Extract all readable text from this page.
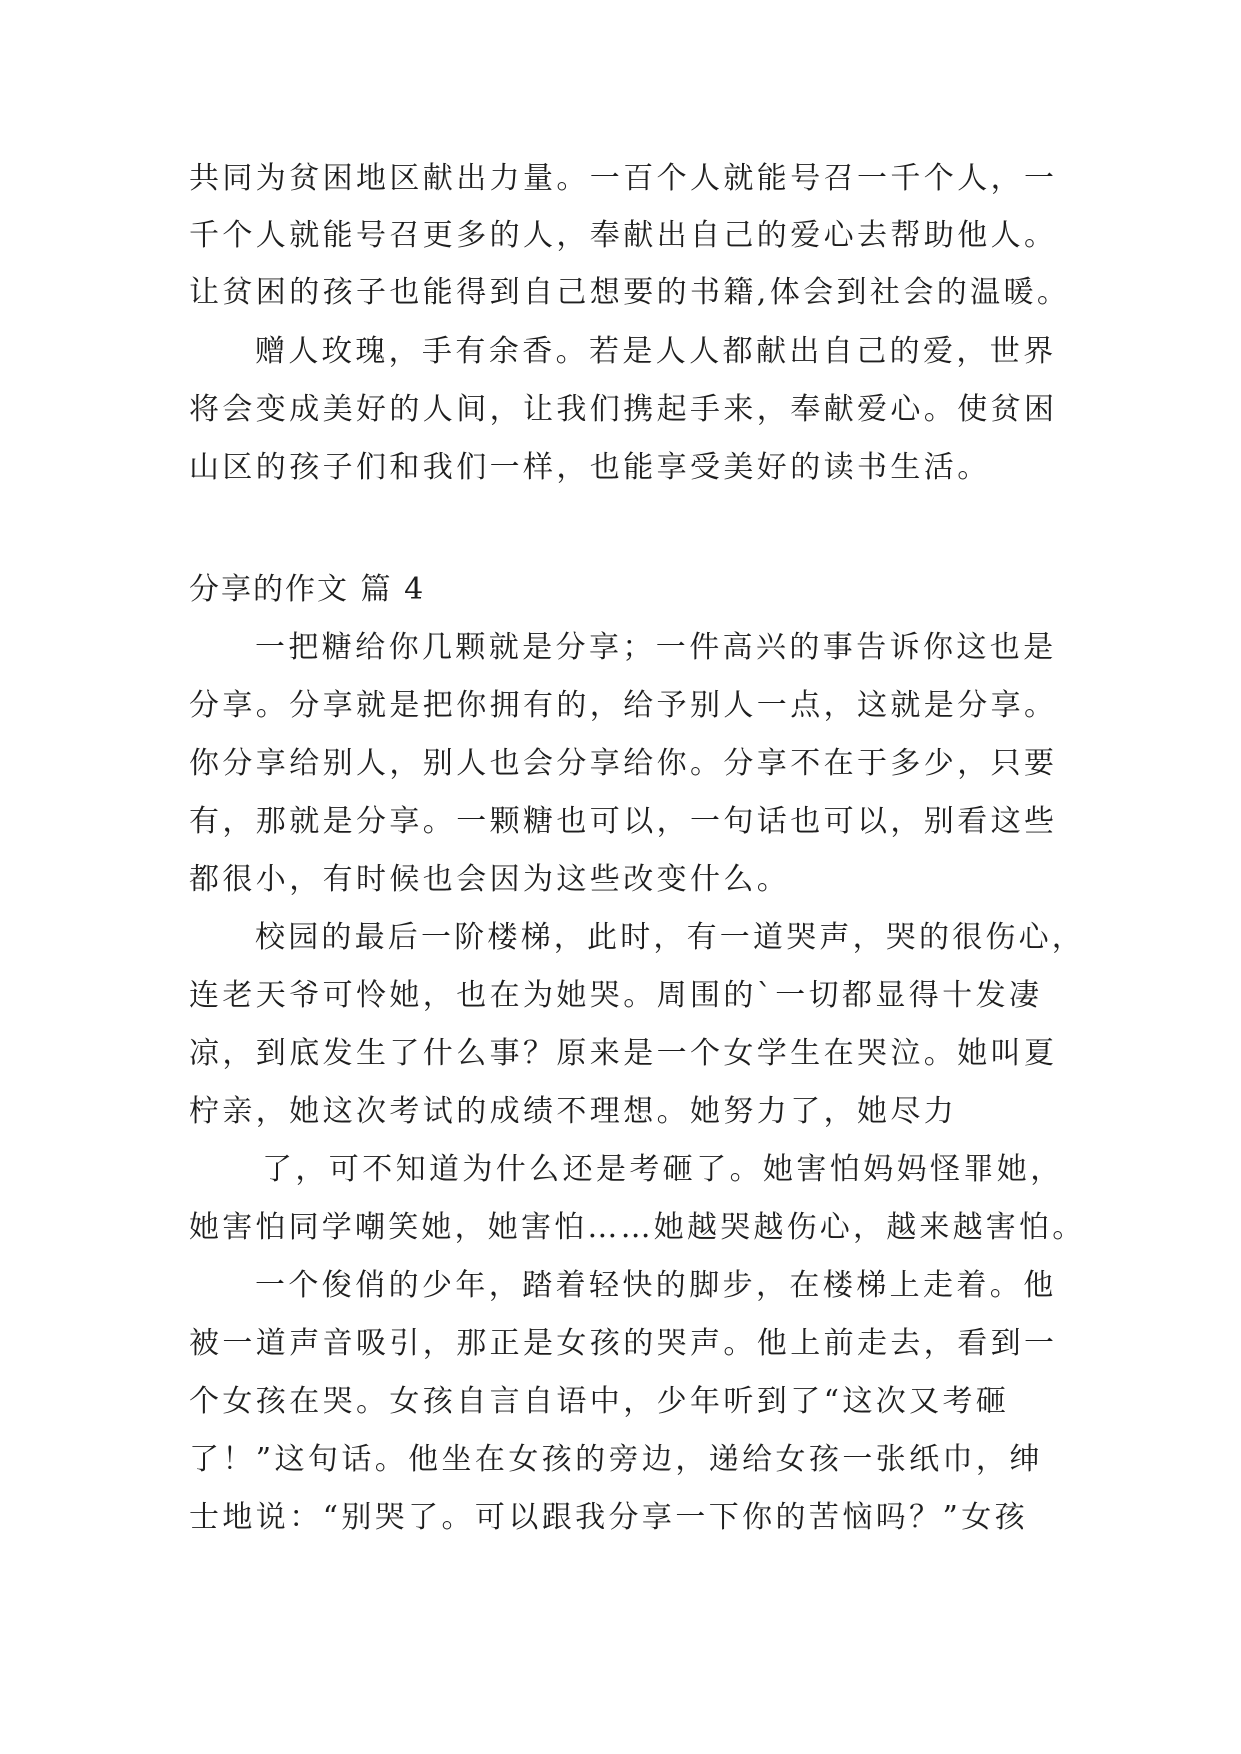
共同为贫困地区献出力量。一百个人就能号召一千个人，一
千个人就能号召更多的人，奉献出自己的爱心去帮助他人。
让贫困的孩子也能得到自己想要的书籍,体会到社会的温暖。
赠人玫瑰，手有余香。若是人人都献出自己的爱，世界
将会变成美好的人间，让我们携起手来，奉献爱心。使贫困
山区的孩子们和我们一样，也能享受美好的读书生活。
分享的作文 篇 4
一把糖给你几颗就是分享；一件高兴的事告诉你这也是
分享。分享就是把你拥有的，给予别人一点，这就是分享。
你分享给别人，别人也会分享给你。分享不在于多少，只要
有，那就是分享。一颗糖也可以，一句话也可以，别看这些
都很小，有时候也会因为这些改变什么。
校园的最后一阶楼梯，此时，有一道哭声，哭的很伤心，
连老天爷可怜她，也在为她哭。周围的`一切都显得十发凄
凉，到底发生了什么事？原来是一个女学生在哭泣。她叫夏
柠亲，她这次考试的成绩不理想。她努力了，她尽力
了，可不知道为什么还是考砸了。她害怕妈妈怪罪她，
她害怕同学嘲笑她，她害怕……她越哭越伤心，越来越害怕。
一个俊俏的少年，踏着轻快的脚步，在楼梯上走着。他
被一道声音吸引，那正是女孩的哭声。他上前走去，看到一
个女孩在哭。女孩自言自语中，少年听到了“这次又考砸
了！”这句话。他坐在女孩的旁边，递给女孩一张纸巾，绅
士地说：“别哭了。可以跟我分享一下你的苦恼吗？”女孩
